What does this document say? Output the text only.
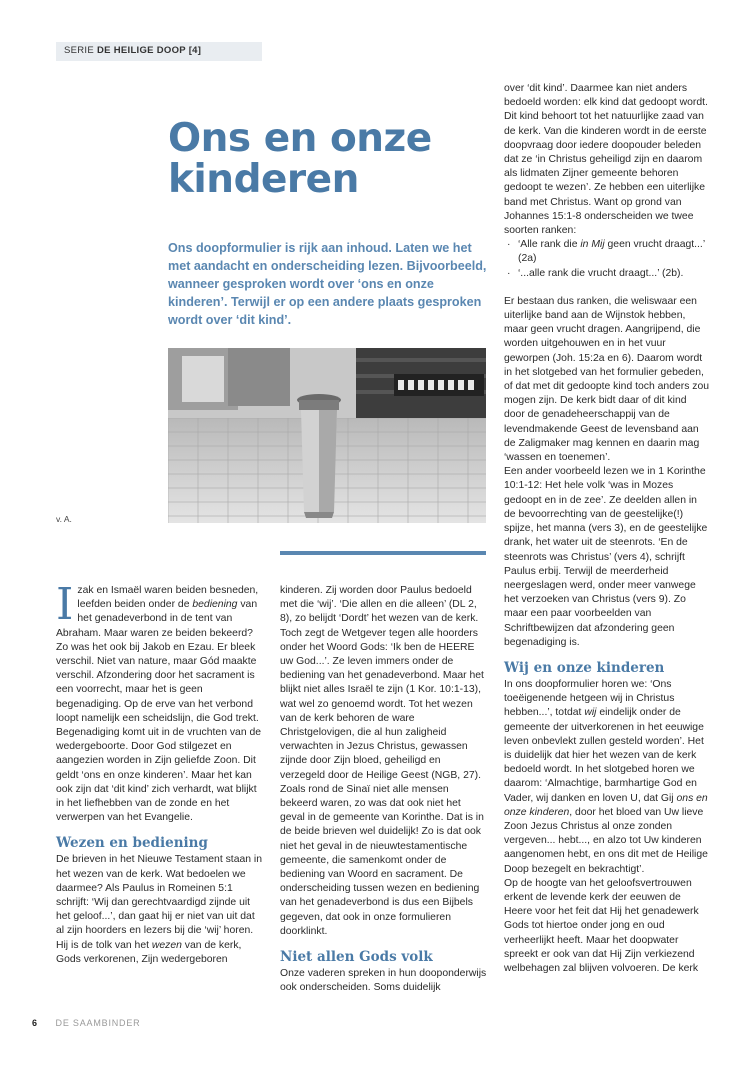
SERIE DE HEILIGE DOOP [4]
Ons en onze kinderen

Ons doopformulier is rijk aan inhoud. Laten we het met aandacht en onderscheiding lezen. Bijvoorbeeld, wanneer gesproken wordt over ‘ons en onze kinderen’. Terwijl er op een andere plaats gesproken wordt over ‘dit kind’.

v. A.

Izak en Ismaël waren beiden besneden, leefden beiden onder de bediening van het genadeverbond in de tent van Abraham. Maar waren ze beiden bekeerd? Zo was het ook bij Jakob en Ezau. Er bleek verschil. Niet van nature, maar Gód maakte verschil. Afzondering door het sacrament is een voorrecht, maar het is geen begenadiging. Op de erve van het verbond loopt namelijk een scheidslijn, die God trekt. Begenadiging komt uit in de vruchten van de wedergeboorte. Door God stilgezet en aangezien worden in Zijn geliefde Zoon. Dit geldt ‘ons en onze kinderen’. Maar het kan ook zijn dat ‘dit kind’ zich verhardt, wat blijkt in het liefhebben van de zonde en het verwerpen van het Evangelie.

Wezen en bediening

De brieven in het Nieuwe Testament staan in het wezen van de kerk. Wat bedoelen we daarmee? Als Paulus in Romeinen 5:1 schrijft: ‘Wij dan gerechtvaardigd zijnde uit het geloof...’, dan gaat hij er niet van uit dat al zijn hoorders en lezers bij die ‘wij’ horen. Hij is de tolk van het wezen van de kerk, Gods verkorenen, Zijn wedergeboren

kinderen. Zij worden door Paulus bedoeld met die ‘wij’. ‘Die allen en die alleen’ (DL 2, 8), zo belijdt ‘Dordt’ het wezen van de kerk. Toch zegt de Wetgever tegen alle hoorders onder het Woord Gods: ‘Ik ben de HEERE uw God...’. Ze leven immers onder de bediening van het genadeverbond. Maar het blijkt niet alles Israël te zijn (1 Kor. 10:1-13), wat wel zo genoemd wordt. Tot het wezen van de kerk behoren de ware Christgelovigen, die al hun zaligheid verwachten in Jezus Christus, gewassen zijnde door Zijn bloed, geheiligd en verzegeld door de Heilige Geest (NGB, 27). Zoals rond de Sinaï niet alle mensen bekeerd waren, zo was dat ook niet het geval in de gemeente van Korinthe. Dat is in de beide brieven wel duidelijk! Zo is dat ook niet het geval in de nieuwtestamentische gemeente, die samenkomt onder de bediening van Woord en sacrament. De onderscheiding tussen wezen en bediening van het genadeverbond is dus een Bijbels gegeven, dat ook in onze formulieren doorklinkt.

Niet allen Gods volk

Onze vaderen spreken in hun dooponderwijs ook onderscheiden. Soms duidelijk

over ‘dit kind’. Daarmee kan niet anders bedoeld worden: elk kind dat gedoopt wordt. Dit kind behoort tot het natuurlijke zaad van de kerk. Van die kinderen wordt in de eerste doopvraag door iedere doopouder beleden dat ze ‘in Christus geheiligd zijn en daarom als lidmaten Zijner gemeente behoren gedoopt te wezen’. Ze hebben een uiterlijke band met Christus. Want op grond van Johannes 15:1-8 onderscheiden we twee soorten ranken:

· ‘Alle rank die in Mij geen vrucht draagt...’ (2a)

· ‘...alle rank die vrucht draagt...’ (2b).

Er bestaan dus ranken, die weliswaar een uiterlijke band aan de Wijnstok hebben, maar geen vrucht dragen. Aangrijpend, die worden uitgehouwen en in het vuur geworpen (Joh. 15:2a en 6). Daarom wordt in het slotgebed van het formulier gebeden, of dat met dit gedoopte kind toch anders zou mogen zijn. De kerk bidt daar of dit kind door de genadeheerschappij van de levendmakende Geest de levensband aan de Zaligmaker mag kennen en daarin mag ‘wassen en toenemen’.

Een ander voorbeeld lezen we in 1 Korinthe 10:1-12: Het hele volk ‘was in Mozes gedoopt en in de zee’. Ze deelden allen in de bevoorrechting van de geestelijke(!) spijze, het manna (vers 3), en de geestelijke drank, het water uit de steenrots. ‘En de steenrots was Christus’ (vers 4), schrijft Paulus erbij. Terwijl de meerderheid neergeslagen werd, onder meer vanwege het verzoeken van Christus (vers 9). Zo maar een paar voorbeelden van Schriftbewijzen dat afzondering geen begenadiging is.

Wij en onze kinderen

In ons doopformulier horen we: ‘Ons toeëigenende hetgeen wij in Christus hebben...’, totdat wij eindelijk onder de gemeente der uitverkorenen in het eeuwige leven onbevlekt zullen gesteld worden’. Het is duidelijk dat hier het wezen van de kerk bedoeld wordt. In het slotgebed horen we daarom: ‘Almachtige, barmhartige God en Vader, wij danken en loven U, dat Gij ons en onze kinderen, door het bloed van Uw lieve Zoon Jezus Christus al onze zonden vergeven... hebt..., en alzo tot Uw kinderen aangenomen hebt, en ons dit met de Heilige Doop bezegelt en bekrachtigt’.

Op de hoogte van het geloofsvertrouwen erkent de levende kerk der eeuwen de Heere voor het feit dat Hij het genadewerk Gods tot hiertoe onder jong en oud verheerlijkt heeft. Maar het doopwater spreekt er ook van dat Hij Zijn verkiezend welbehagen zal blijven volvoeren. De kerk

6 DE SAAMBINDER
